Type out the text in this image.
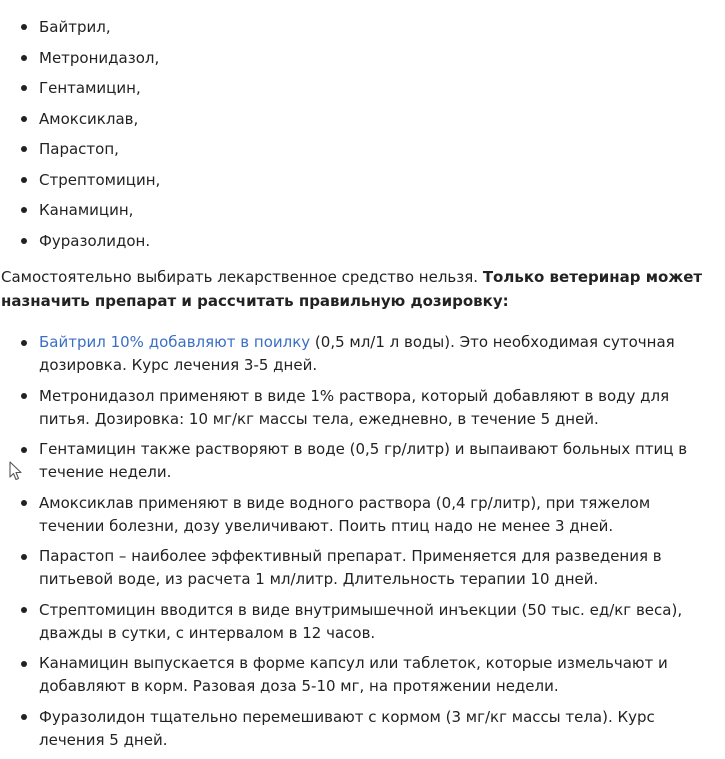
Байтрил,
Метронидазол,
Гентамицин,
Амоксиклав,
Парастоп,
Стрептомицин,
Канамицин,
Фуразолидон.

Самостоятельно выбирать лекарственное средство нельзя. Только ветеринар может назначить препарат и рассчитать правильную дозировку:

Байтрил 10% добавляют в поилку (0,5 мл/1 л воды). Это необходимая суточная дозировка. Курс лечения 3-5 дней.
Метронидазол применяют в виде 1% раствора, который добавляют в воду для питья. Дозировка: 10 мг/кг массы тела, ежедневно, в течение 5 дней.
Гентамицин также растворяют в воде (0,5 гр/литр) и выпаивают больных птиц в течение недели.
Амоксиклав применяют в виде водного раствора (0,4 гр/литр), при тяжелом течении болезни, дозу увеличивают. Поить птиц надо не менее 3 дней.
Парастоп – наиболее эффективный препарат. Применяется для разведения в питьевой воде, из расчета 1 мл/литр. Длительность терапии 10 дней.
Стрептомицин вводится в виде внутримышечной инъекции (50 тыс. ед/кг веса), дважды в сутки, с интервалом в 12 часов.
Канамицин выпускается в форме капсул или таблеток, которые измельчают и добавляют в корм. Разовая доза 5-10 мг, на протяжении недели.
Фуразолидон тщательно перемешивают с кормом (3 мг/кг массы тела). Курс лечения 5 дней.
